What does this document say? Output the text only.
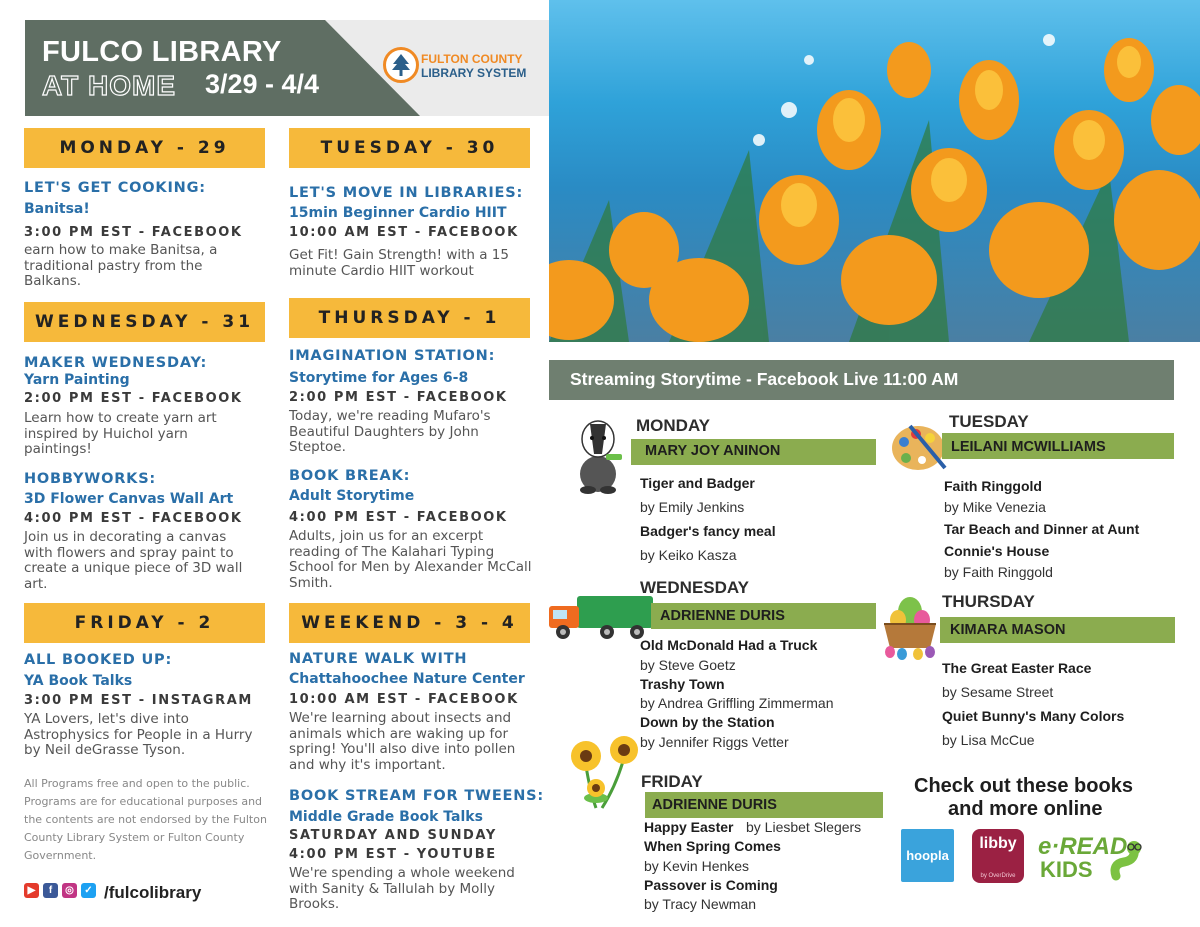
FULCO LIBRARY
AT HOME 3/29 - 4/4
FULTON COUNTY
LIBRARY SYSTEM
MONDAY - 29	TUESDAY - 30
WEDNESDAY - 31	THURSDAY - 1
FRIDAY - 2	WEEKEND - 3 - 4
LET'S GET COOKING:
Banitsa!
3:00 PM EST - FACEBOOK
earn how to make Banitsa, a traditional pastry from the Balkans.
LET'S MOVE IN LIBRARIES:
15min Beginner Cardio HIIT
10:00 AM EST - FACEBOOK
Get Fit! Gain Strength! with a 15 minute Cardio HIIT workout
MAKER WEDNESDAY:
Yarn Painting
2:00 PM EST - FACEBOOK
Learn how to create yarn art inspired by Huichol yarn paintings!
HOBBYWORKS:
3D Flower Canvas Wall Art
4:00 PM EST - FACEBOOK
Join us in decorating a canvas with flowers and spray paint to create a unique piece of 3D wall art.
IMAGINATION STATION:
Storytime for Ages 6-8
2:00 PM EST - FACEBOOK
Today, we're reading Mufaro's Beautiful Daughters by John Steptoe.
BOOK BREAK:
Adult Storytime
4:00 PM EST - FACEBOOK
Adults, join us for an excerpt reading of The Kalahari Typing School for Men by Alexander McCall Smith.
ALL BOOKED UP:
YA Book Talks
3:00 PM EST - INSTAGRAM
YA Lovers, let's dive into Astrophysics for People in a Hurry by Neil deGrasse Tyson.
NATURE WALK WITH
Chattahoochee Nature Center
10:00 AM EST - FACEBOOK
We're learning about insects and animals which are waking up for spring! You'll also dive into pollen and why it's important.
BOOK STREAM FOR TWEENS:
Middle Grade Book Talks
SATURDAY AND SUNDAY
4:00 PM EST - YOUTUBE
We're spending a whole weekend with Sanity & Tallulah by Molly Brooks.
All Programs free and open to the public. Programs are for educational purposes and the contents are not endorsed by the Fulton County Library System or Fulton County Government.
▶	f	◎	✓ /fulcolibrary
Streaming Storytime - Facebook Live 11:00 AM
MONDAY
MARY JOY ANINON
Tiger and Badger
by Emily Jenkins
Badger's fancy meal
by Keiko Kasza
TUESDAY
LEILANI MCWILLIAMS
Faith Ringgold
by Mike Venezia
Tar Beach and Dinner at Aunt
Connie's House
by Faith Ringgold
WEDNESDAY
ADRIENNE DURIS
Old McDonald Had a Truck
by Steve Goetz
Trashy Town
by Andrea Griffling Zimmerman
Down by the Station
by Jennifer Riggs Vetter
THURSDAY
KIMARA MASON
The Great Easter Race
by Sesame Street
Quiet Bunny's Many Colors
by Lisa McCue
FRIDAY
ADRIENNE DURIS
Happy Easter by Liesbet Slegers
When Spring Comes
by Kevin Henkes
Passover is Coming
by Tracy Newman
Check out these books
and more online
hoopla
libby
by OverDrive
e·READ
KIDS
